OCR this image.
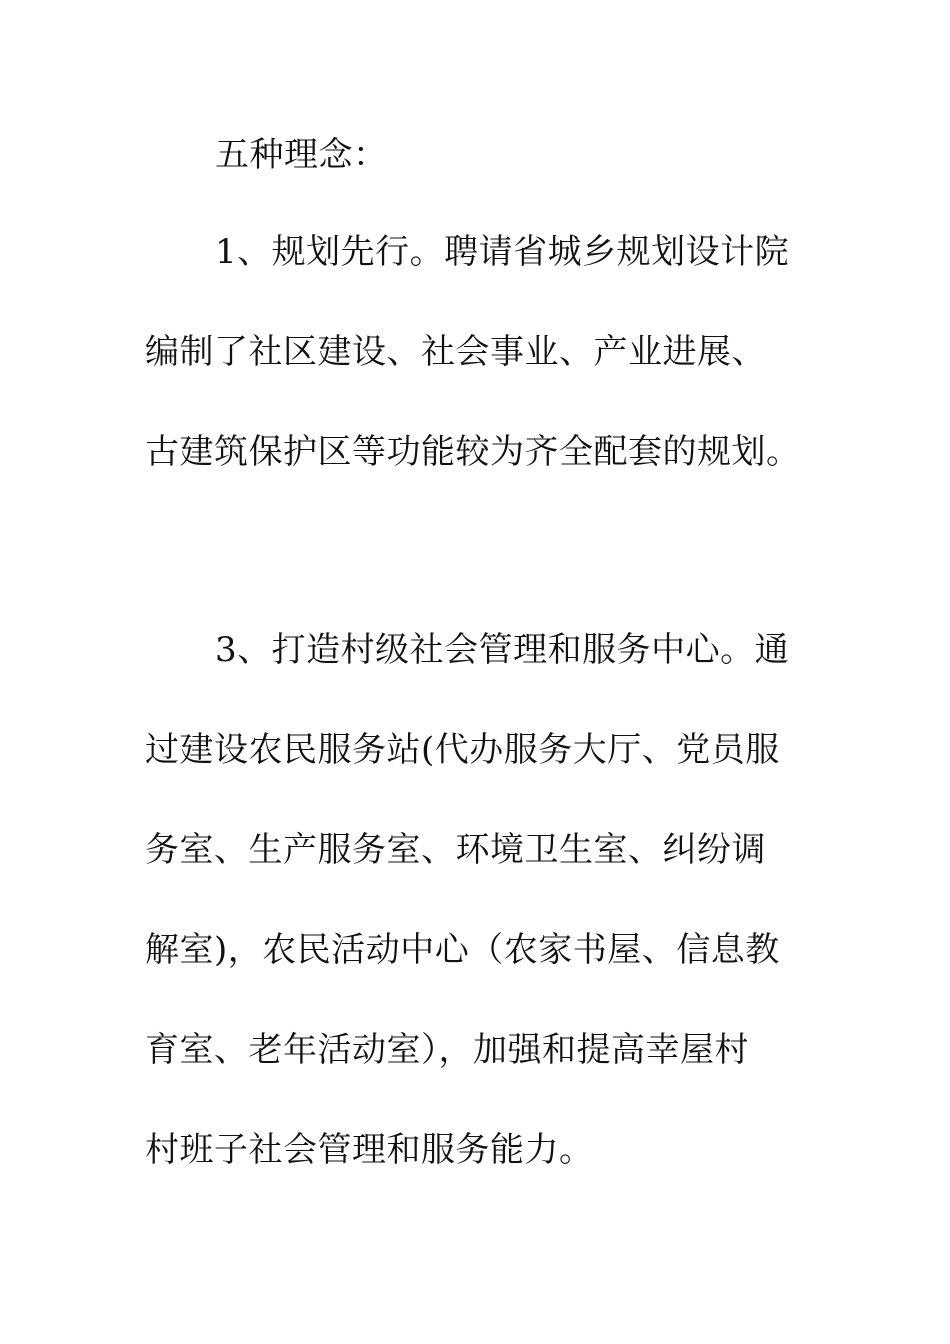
五种理念：
1、规划先行。聘请省城乡规划设计院
编制了社区建设、社会事业、产业进展、
古建筑保护区等功能较为齐全配套的规划。
3、打造村级社会管理和服务中心。通
过建设农民服务站(代办服务大厅、党员服
务室、生产服务室、环境卫生室、纠纷调
解室)，农民活动中心（农家书屋、信息教
育室、老年活动室），加强和提高幸屋村
村班子社会管理和服务能力。
